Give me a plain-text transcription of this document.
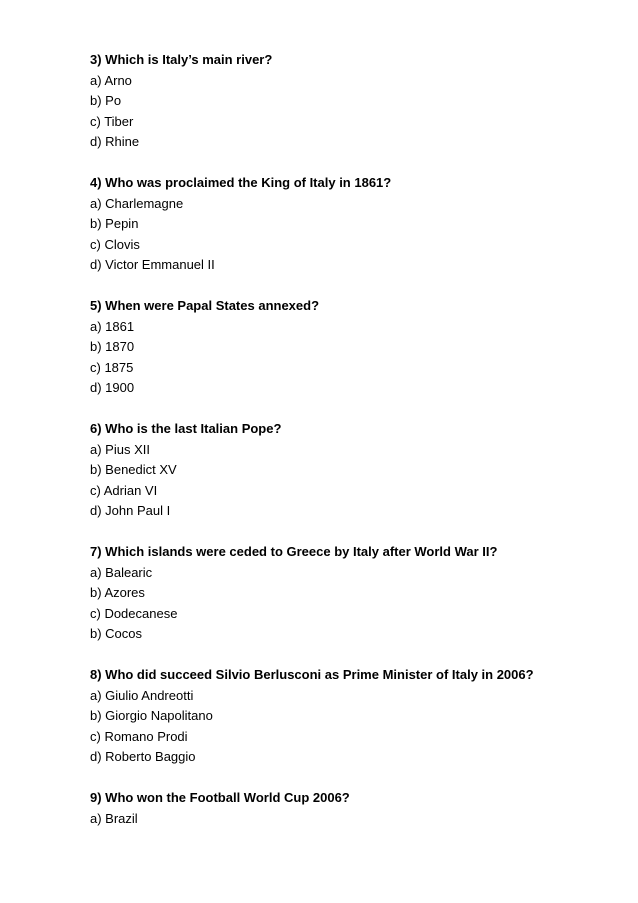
3) Which is Italy’s main river?
a) Arno
b) Po
c) Tiber
d) Rhine
4) Who was proclaimed the King of Italy in 1861?
a) Charlemagne
b) Pepin
c) Clovis
d) Victor Emmanuel II
5) When were Papal States annexed?
a) 1861
b) 1870
c) 1875
d) 1900
6) Who is the last Italian Pope?
a) Pius XII
b) Benedict XV
c) Adrian VI
d) John Paul I
7) Which islands were ceded to Greece by Italy after World War II?
a) Balearic
b) Azores
c) Dodecanese
b) Cocos
8) Who did succeed Silvio Berlusconi as Prime Minister of Italy in 2006?
a) Giulio Andreotti
b) Giorgio Napolitano
c) Romano Prodi
d) Roberto Baggio
9) Who won the Football World Cup 2006?
a) Brazil
